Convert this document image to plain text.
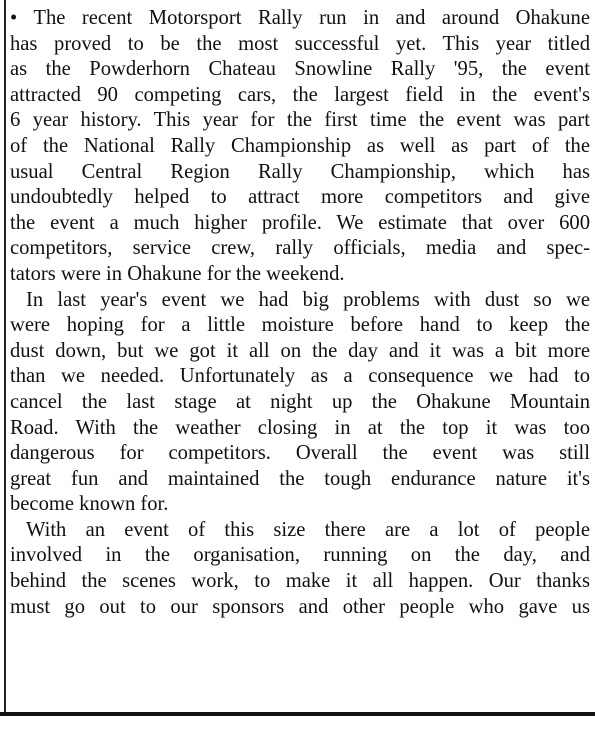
• The recent Motorsport Rally run in and around Ohakune
has proved to be the most successful yet. This year titled
as the Powderhorn Chateau Snowline Rally '95, the event
attracted 90 competing cars, the largest field in the event's
6 year history. This year for the first time the event was part
of the National Rally Championship as well as part of the
usual Central Region Rally Championship, which has
undoubtedly helped to attract more competitors and give
the event a much higher profile. We estimate that over 600
competitors, service crew, rally officials, media and spec-
tators were in Ohakune for the weekend.
In last year's event we had big problems with dust so we
were hoping for a little moisture before hand to keep the
dust down, but we got it all on the day and it was a bit more
than we needed. Unfortunately as a consequence we had to
cancel the last stage at night up the Ohakune Mountain
Road. With the weather closing in at the top it was too
dangerous for competitors. Overall the event was still
great fun and maintained the tough endurance nature it's
become known for.
With an event of this size there are a lot of people
involved in the organisation, running on the day, and
behind the scenes work, to make it all happen. Our thanks
must go out to our sponsors and other people who gave us
